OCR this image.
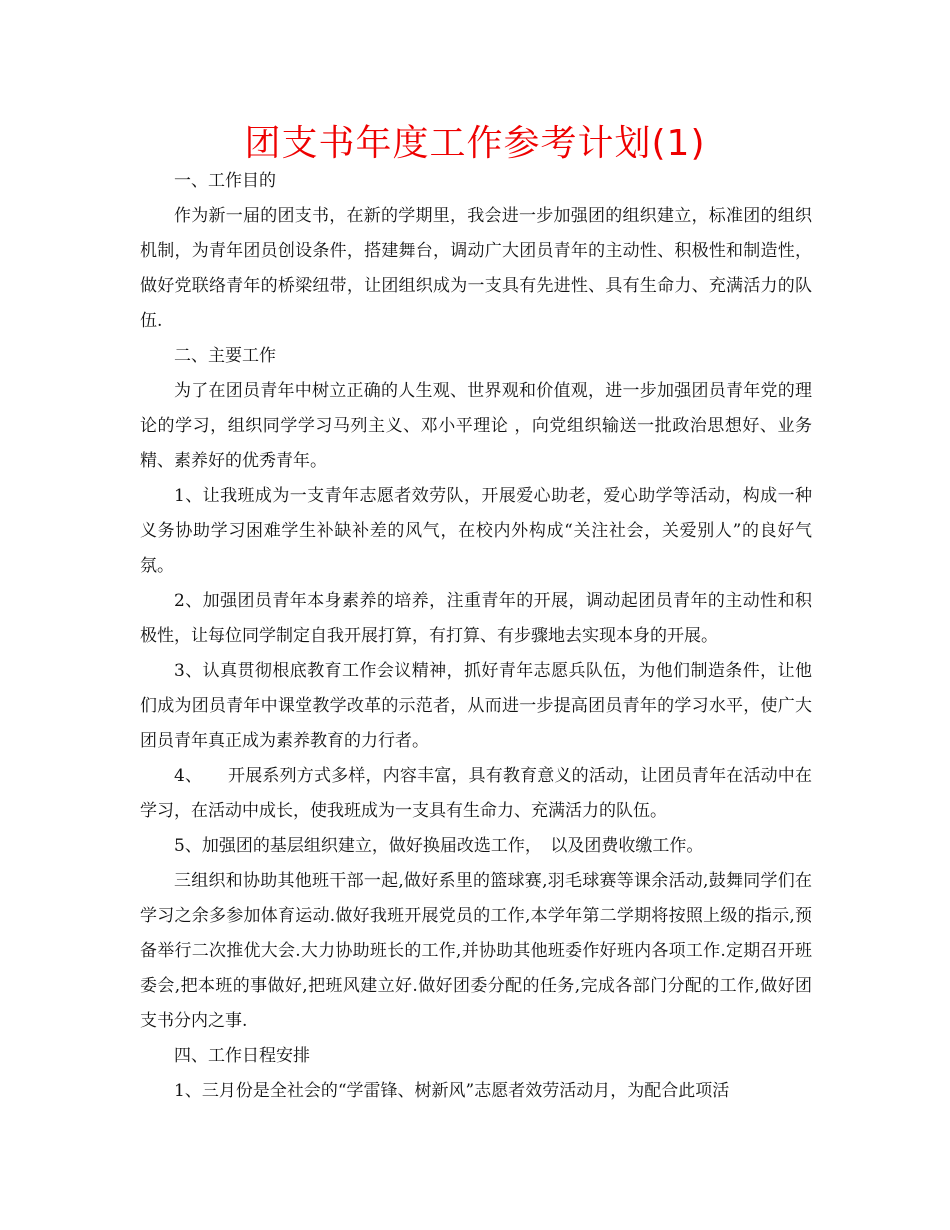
团支书年度工作参考计划(1)

一、工作目的

作为新一届的团支书，在新的学期里，我会进一步加强团的组织建立，标准团的组织机制，为青年团员创设条件，搭建舞台，调动广大团员青年的主动性、积极性和制造性，做好党联络青年的桥梁纽带，让团组织成为一支具有先进性、具有生命力、充满活力的队伍.

二、主要工作

为了在团员青年中树立正确的人生观、世界观和价值观，进一步加强团员青年党的理论的学习，组织同学学习马列主义、邓小平理论 ，向党组织输送一批政治思想好、业务精、素养好的优秀青年。

1、让我班成为一支青年志愿者效劳队，开展爱心助老，爱心助学等活动，构成一种义务协助学习困难学生补缺补差的风气，在校内外构成“关注社会，关爱别人”的良好气氛。

2、加强团员青年本身素养的培养，注重青年的开展，调动起团员青年的主动性和积极性，让每位同学制定自我开展打算，有打算、有步骤地去实现本身的开展。

3、认真贯彻根底教育工作会议精神，抓好青年志愿兵队伍，为他们制造条件，让他们成为团员青年中课堂教学改革的示范者，从而进一步提高团员青年的学习水平，使广大团员青年真正成为素养教育的力行者。

4、　　开展系列方式多样，内容丰富，具有教育意义的活动，让团员青年在活动中在学习，在活动中成长，使我班成为一支具有生命力、充满活力的队伍。

5、加强团的基层组织建立，做好换届改选工作，　以及团费收缴工作。

三组织和协助其他班干部一起,做好系里的篮球赛,羽毛球赛等课余活动,鼓舞同学们在学习之余多参加体育运动.做好我班开展党员的工作,本学年第二学期将按照上级的指示,预备举行二次推优大会.大力协助班长的工作,并协助其他班委作好班内各项工作.定期召开班委会,把本班的事做好,把班风建立好.做好团委分配的任务,完成各部门分配的工作,做好团支书分内之事.

四、工作日程安排

1、三月份是全社会的“学雷锋、树新风”志愿者效劳活动月，为配合此项活
